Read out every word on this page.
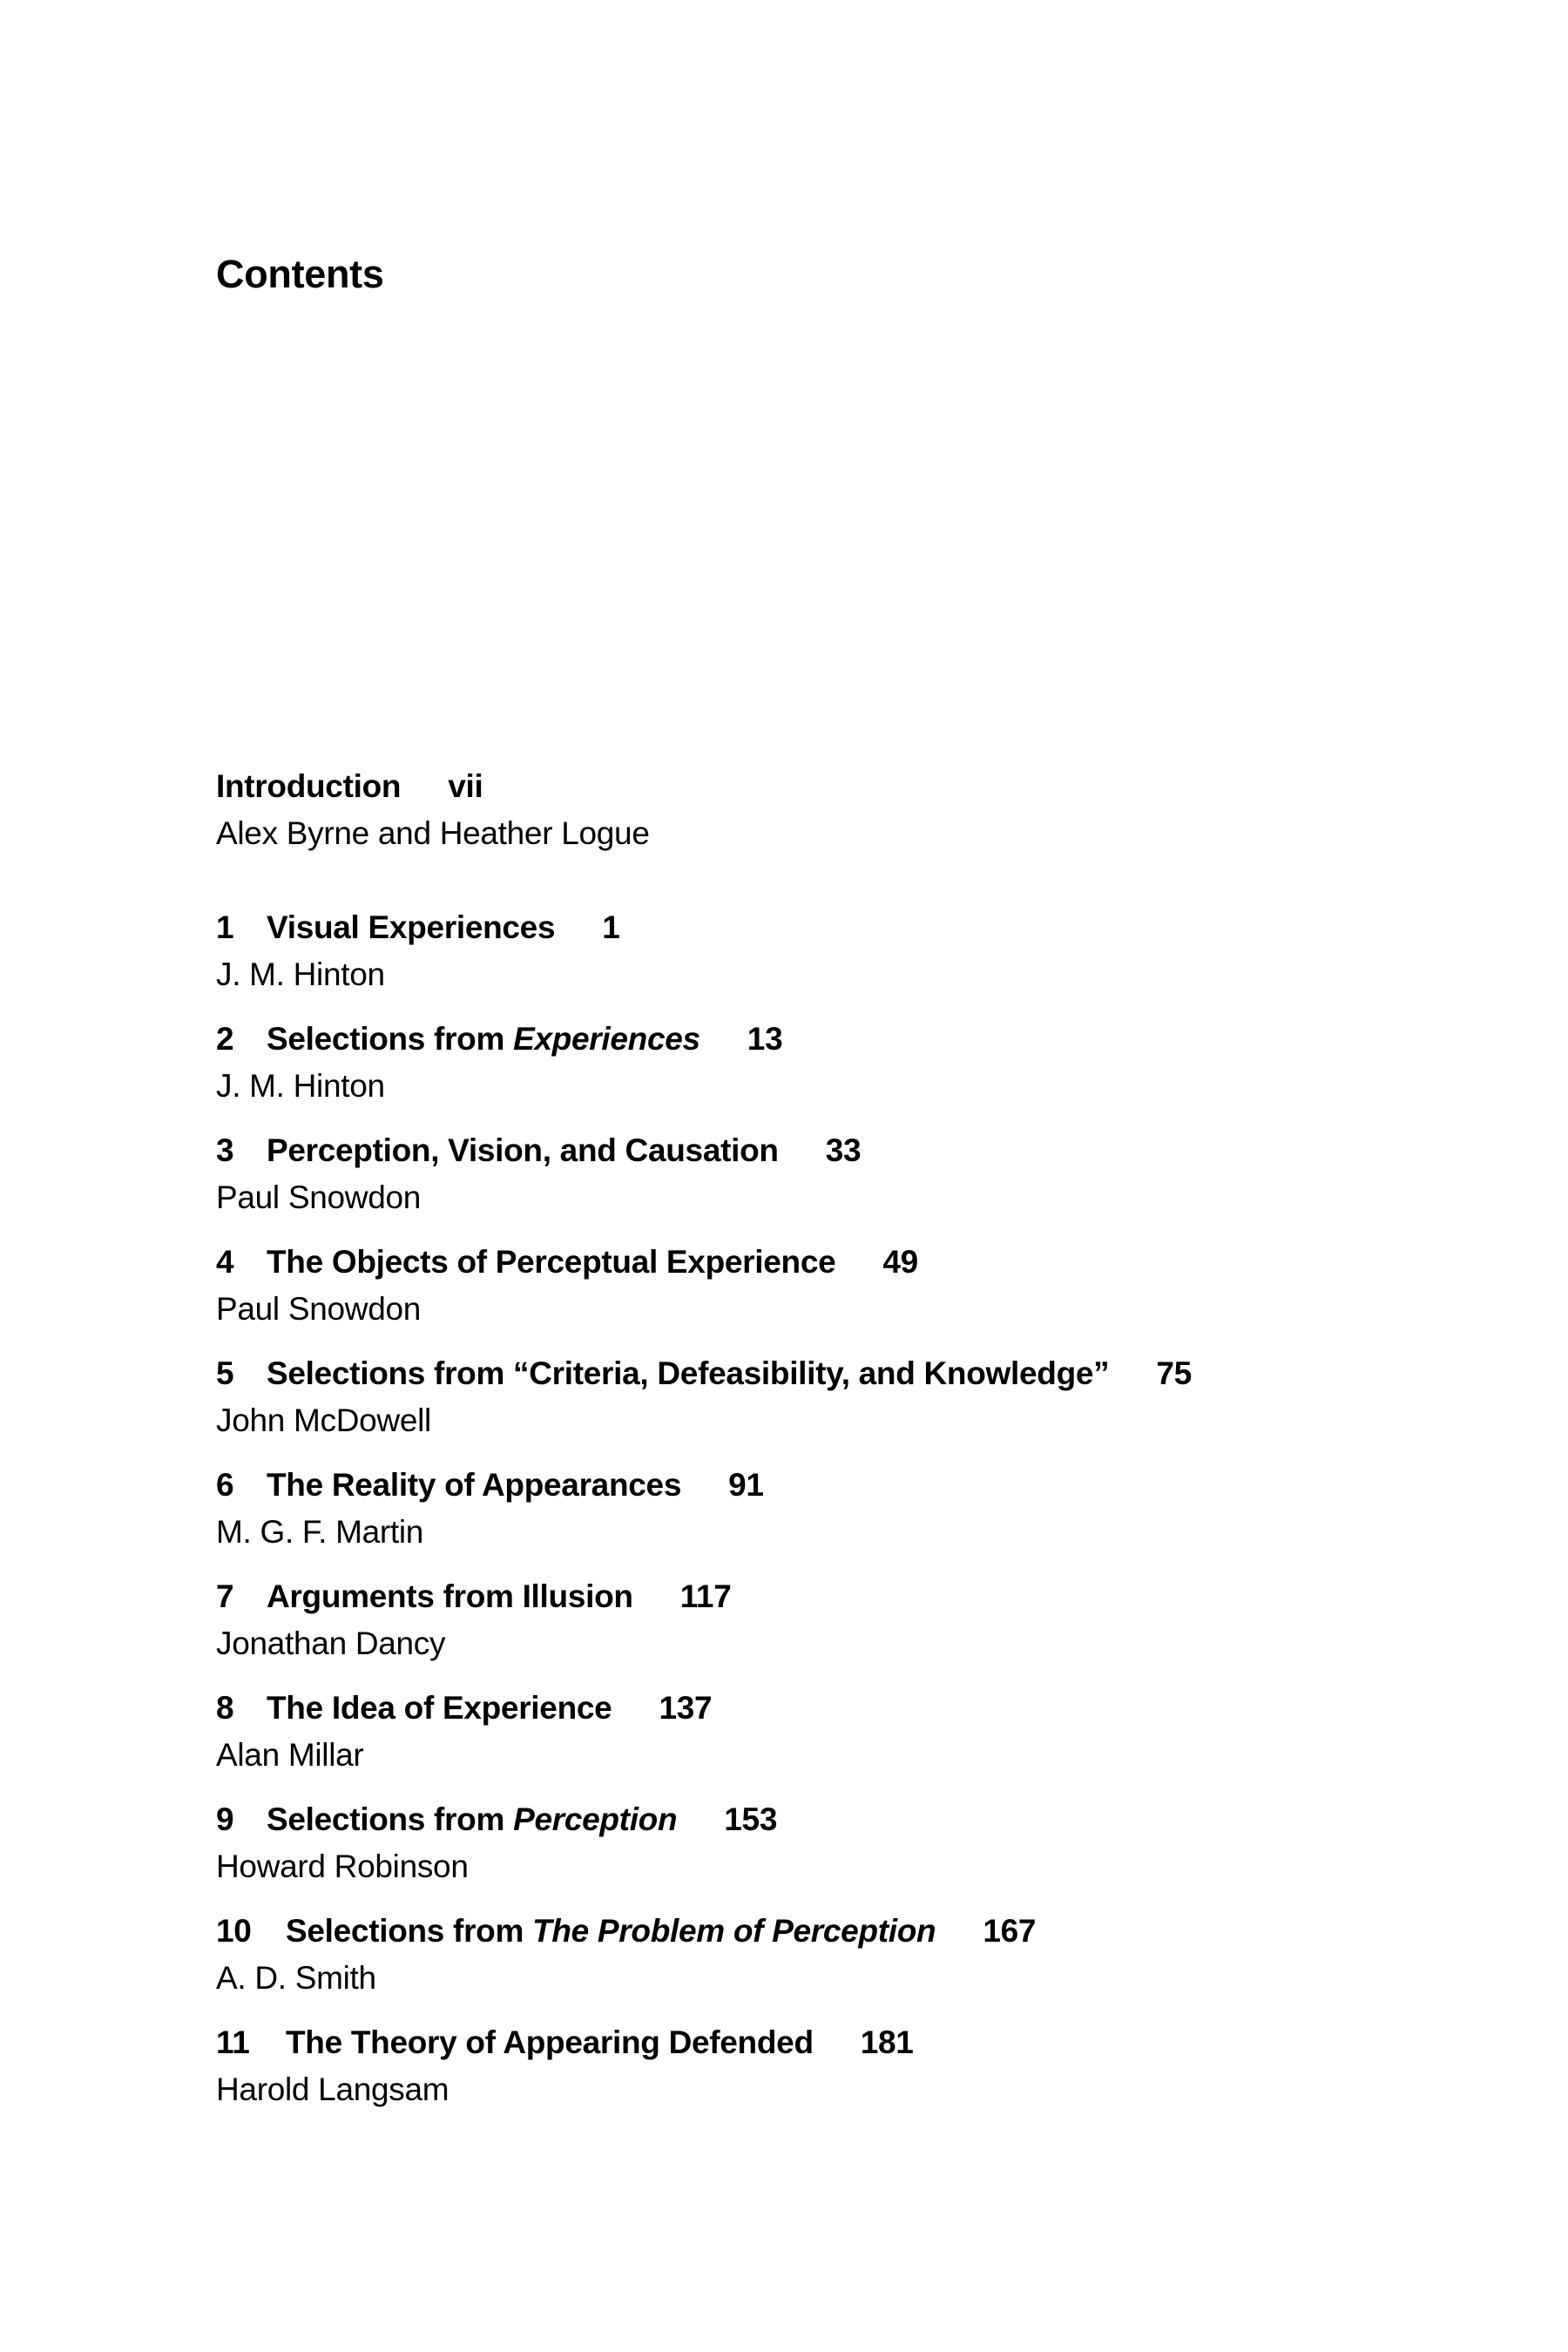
Contents
Introduction vii
Alex Byrne and Heather Logue
1 Visual Experiences 1
J. M. Hinton
2 Selections from Experiences 13
J. M. Hinton
3 Perception, Vision, and Causation 33
Paul Snowdon
4 The Objects of Perceptual Experience 49
Paul Snowdon
5 Selections from “Criteria, Defeasibility, and Knowledge” 75
John McDowell
6 The Reality of Appearances 91
M. G. F. Martin
7 Arguments from Illusion 117
Jonathan Dancy
8 The Idea of Experience 137
Alan Millar
9 Selections from Perception 153
Howard Robinson
10 Selections from The Problem of Perception 167
A. D. Smith
11 The Theory of Appearing Defended 181
Harold Langsam
